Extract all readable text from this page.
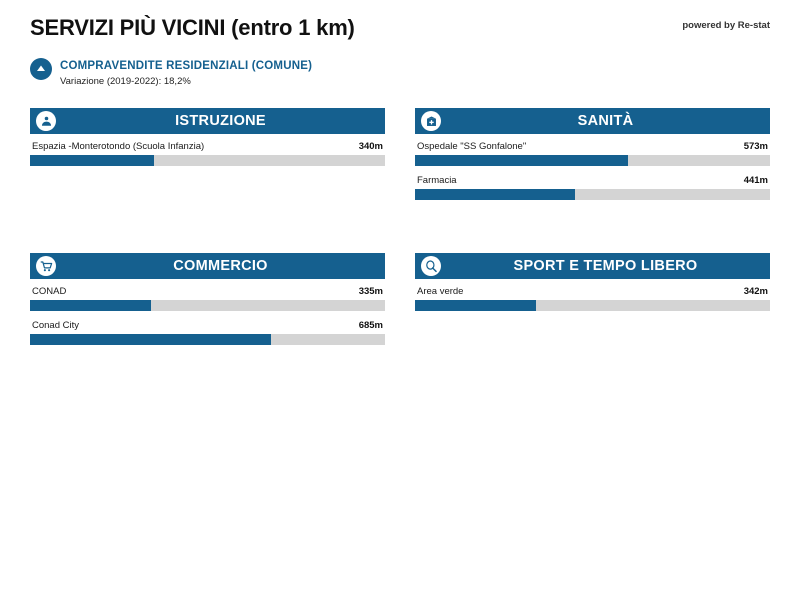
SERVIZI PIÙ VICINI (entro 1 km)	powered by Re-stat
COMPRAVENDITE RESIDENZIALI (COMUNE)
Variazione (2019-2022): 18,2%
ISTRUZIONE
Espazia -Monterotondo (Scuola Infanzia)	340m
SANITÀ
Ospedale "SS Gonfalone"	573m
Farmacia	441m
COMMERCIO
CONAD	335m
Conad City	685m
SPORT E TEMPO LIBERO
Area verde	342m
